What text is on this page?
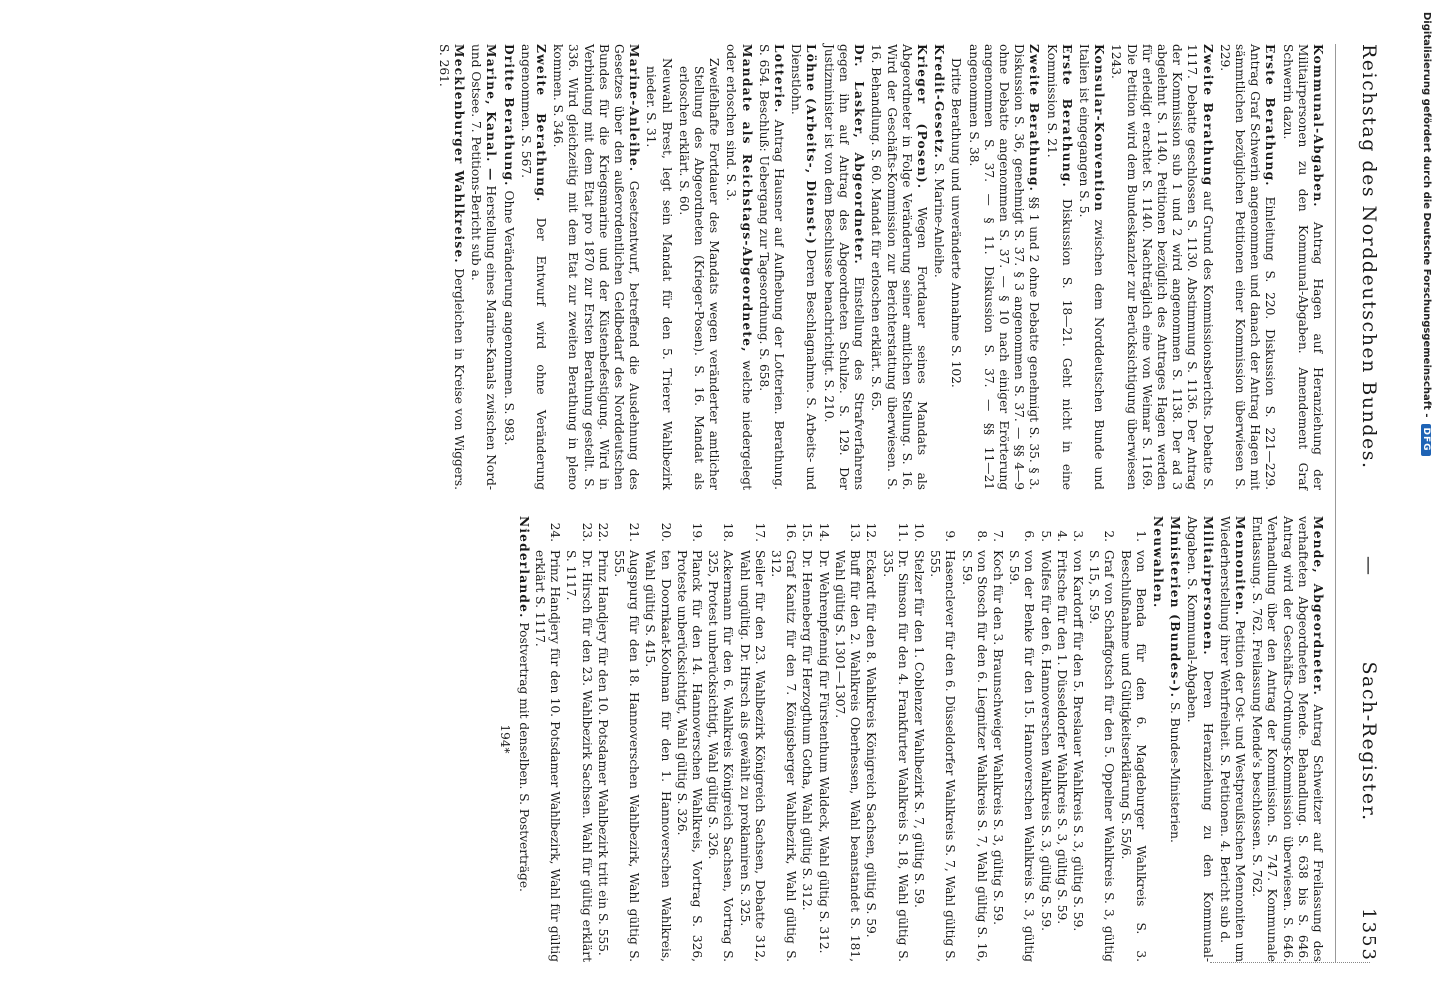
Reichstag des Norddeutschen Bundes.
—
Sach-Register.
1353
Kommunal-Abgaben. Antrag Hagen auf Heranziehung der Militairpersonen zu den Kommunal-Abgaben. Amendement Graf Schwerin dazu.
Erste Berathung. Einleitung S. 220. Diskussion S. 221—229. Antrag Graf Schwerin angenommen und danach der Antrag Hagen mit sämmtlichen bezüglichen Petitionen einer Kommission überwiesen S. 229.
Zweite Berathung auf Grund des Kommissionsberichts. Debatte S. 1117. Debatte geschlossen S. 1130. Abstimmung S. 1136. Der Antrag der Kommission sub 1 und 2 wird angenommen S. 1138. Der ad 3 abgelehnt S. 1140. Petitionen bezüglich des Antrages Hagen werden für erledigt erachtet S. 1140. Nachträglich eine von Weimar S. 1169. Die Petition wird dem Bundeskanzler zur Berücksichtigung überwiesen 1243.
Konsular-Konvention zwischen dem Norddeutschen Bunde und Italien ist eingegangen S. 5.
Erste Berathung. Diskussion S. 18—21. Geht nicht in eine Kommission S. 21.
Zweite Berathung. §§ 1 und 2 ohne Debatte genehmigt S. 35. § 3. Diskussion S. 36, genehmigt S. 37. § 3 angenommen S. 37. — §§ 4—9 ohne Debatte angenommen S. 37. — § 10 nach einiger Erörterung angenommen S. 37. — § 11. Diskussion S. 37. — §§ 11—21 angenommen S. 38.
Dritte Berathung und unveränderte Annahme S. 102.
Kredit-Gesetz. S. Marine-Anleihe.
Krieger (Posen). Wegen Fortdauer seines Mandats als Abgeordneter in Folge Veränderung seiner amtlichen Stellung. S. 16. Wird der Geschäfts-Kommission zur Berichterstattung überwiesen. S. 16. Behandlung. S. 60. Mandat für erloschen erklärt. S. 65.
Dr. Lasker, Abgeordneter. Einstellung des Strafverfahrens gegen ihn auf Antrag des Abgeordneten Schulze. S. 129. Der Justizminister ist von dem Beschlusse benachrichtigt. S. 210.
Löhne (Arbeits-, Dienst-) Deren Beschlagnahme. S. Arbeits- und Dienstlohn.
Lotterie. Antrag Hausner auf Aufhebung der Lotterien. Berathung. S. 654. Beschluß: Uebergang zur Tagesordnung. S. 658.
Mandate als Reichstags-Abgeordnete, welche niedergelegt oder erloschen sind. S. 3.
Zweifelhafte Fortdauer des Mandats wegen veränderter amtlicher Stellung des Abgeordneten (Krieger-Posen). S. 16. Mandat als erloschen erklärt. S. 60.
Neuwahl Brest, legt sein Mandat für den 5. Trierer Wahlbezirk nieder. S. 31.
Marine-Anleihe. Gesetzentwurf, betreffend die Ausdehnung des Gesetzes über den außerordentlichen Geldbedarf des Norddeutschen Bundes für die Kriegsmarine und der Küstenbefestigung. Wird in Verbindung mit dem Etat pro 1870 zur Ersten Berathung gestellt. S. 336. Wird gleichzeitig mit dem Etat zur zweiten Berathung in pleno kommen. S. 346.
Zweite Berathung. Der Entwurf wird ohne Veränderung angenommen. S. 567.
Dritte Berathung. Ohne Veränderung angenommen. S. 983.
Marine, Kanal. — Herstellung eines Marine-Kanals zwischen Nord- und Ostsee. 7. Petitions-Bericht sub a.
Mecklenburger Wahlkreise. Dergleichen in Kreise von Wiggers. S. 261.
Mende, Abgeordneter. Antrag Schweitzer auf Freilassung des verhafteten Abgeordneten Mende. Behandlung. S. 638 bis S. 646. Antrag wird der Geschäfts-Ordnungs-Kommission überwiesen. S. 646. Verhandlung über den Antrag der Kommission. S. 747. Kommunale Entlassung. S. 762. Freilassung Mende's beschlossen. S. 762.
Mennoniten. Petition der Ost- und Westpreußischen Mennoniten um Wiederherstellung ihrer Wehrfreiheit. S. Petitionen. 4. Bericht sub d.
Militairpersonen. Deren Heranziehung zu den Kommunal-Abgaben. S. Kommunal-Abgaben.
Ministerien (Bundes-). S. Bundes-Ministerien.
Neuwahlen.
1.
von Benda für den 6. Magdeburger Wahlkreis S. 3. Beschlußnahme und Gültigkeitserklärung S. 55/6.
2.
Graf von Schaffgotsch für den 5. Oppelner Wahlkreis S. 3, gültig S. 15, S. 59.
3.
von Kardorff für den 5. Breslauer Wahlkreis S. 3, gültig S. 59.
4.
Fritsche für den 1. Düsseldorfer Wahlkreis S. 3, gültig S. 59.
5.
Wolfes für den 6. Hannoverschen Wahlkreis S. 3, gültig S. 59.
6.
von der Benke für den 15. Hannoverschen Wahlkreis S. 3, gültig S. 59.
7.
Koch für den 3. Braunschweiger Wahlkreis S. 3, gültig S. 59.
8.
von Stosch für den 6. Liegnitzer Wahlkreis S. 7, Wahl gültig S. 16, S. 59.
9.
Hasenclever für den 6. Düsseldorfer Wahlkreis S. 7, Wahl gültig S. 555.
10.
Stelzer für den 1. Coblenzer Wahlbezirk S. 7, gültig S. 59.
11.
Dr. Simson für den 4. Frankfurter Wahlkreis S. 18, Wahl gültig S. 335.
12.
Eckardt für den 8. Wahlkreis Königreich Sachsen, gültig S. 59.
13.
Buff für den 2. Wahlkreis Oberhessen, Wahl beanstandet S. 181, Wahl gültig S. 1301—1307.
14.
Dr. Wehrenpfennig für Fürstenthum Waldeck, Wahl gültig S. 312.
15.
Dr. Henneberg für Herzogthum Gotha, Wahl gültig S. 312.
16.
Graf Kanitz für den 7. Königsberger Wahlbezirk, Wahl gültig S. 312.
17.
Seiler für den 23. Wahlbezirk Königreich Sachsen, Debatte 312, Wahl ungültig. Dr. Hirsch als gewählt zu proklamiren S. 325.
18.
Ackermann für den 6. Wahlkreis Königreich Sachsen, Vortrag S. 325, Protest unberücksichtigt, Wahl gültig S. 326.
19.
Planck für den 14. Hannoverschen Wahlkreis, Vortrag S. 326, Proteste unberücksichtigt, Wahl gültig S. 326.
20.
ten Doornkaat-Koolman für den 1. Hannoverschen Wahlkreis, Wahl gültig S. 415.
21.
Augspurg für den 18. Hannoverschen Wahlbezirk, Wahl gültig S. 555.
22.
Prinz Handjery für den 10. Potsdamer Wahlbezirk tritt ein S. 555.
23.
Dr. Hirsch für den 23. Wahlbezirk Sachsen. Wahl für gültig erklärt S. 1117.
24.
Prinz Handjery für den 10. Potsdamer Wahlbezirk, Wahl für gültig erklärt S. 1117.
Niederlande. Postvertrag mit denselben. S. Postverträge.
194*
Digitalisierung gefördert durch die Deutsche Forschungsgemeinschaft -
DFG
